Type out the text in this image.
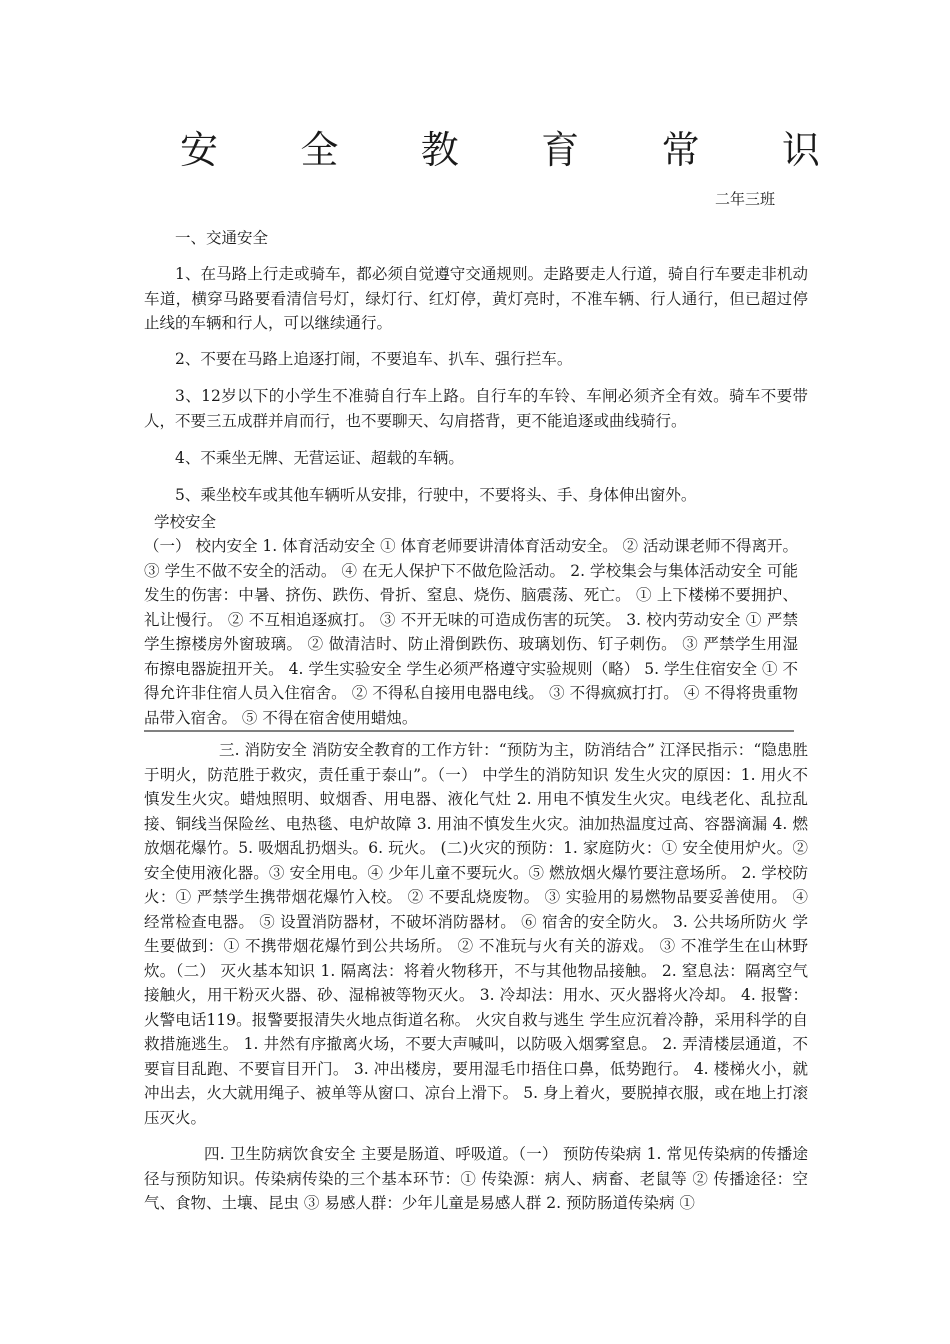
安 全 教 育 常 识
二年三班
一、交通安全
1、在马路上行走或骑车，都必须自觉遵守交通规则。走路要走人行道，骑自行车要走非机动车道，横穿马路要看清信号灯，绿灯行、红灯停，黄灯亮时，不准车辆、行人通行，但已超过停止线的车辆和行人，可以继续通行。
2、不要在马路上追逐打闹，不要追车、扒车、强行拦车。
3、12岁以下的小学生不准骑自行车上路。自行车的车铃、车闸必须齐全有效。骑车不要带人，不要三五成群并肩而行，也不要聊天、勾肩搭背，更不能追逐或曲线骑行。
4、不乘坐无牌、无营运证、超载的车辆。
5、乘坐校车或其他车辆听从安排，行驶中，不要将头、手、身体伸出窗外。
学校安全
（一） 校内安全 1. 体育活动安全 ① 体育老师要讲清体育活动安全。 ② 活动课老师不得离开。③ 学生不做不安全的活动。 ④ 在无人保护下不做危险活动。 2. 学校集会与集体活动安全 可能发生的伤害：中暑、挤伤、跌伤、骨折、窒息、烧伤、脑震荡、死亡。 ① 上下楼梯不要拥护、礼让慢行。 ② 不互相追逐疯打。 ③ 不开无味的可造成伤害的玩笑。 3. 校内劳动安全 ① 严禁学生擦楼房外窗玻璃。 ② 做清洁时、防止滑倒跌伤、玻璃划伤、钉子刺伤。 ③ 严禁学生用湿布擦电器旋扭开关。 4. 学生实验安全 学生必须严格遵守实验规则（略） 5. 学生住宿安全 ① 不得允许非住宿人员入住宿舍。 ② 不得私自接用电器电线。 ③ 不得疯疯打打。 ④ 不得将贵重物品带入宿舍。 ⑤ 不得在宿舍使用蜡烛。
三. 消防安全 消防安全教育的工作方针：“预防为主，防消结合” 江泽民指示：“隐患胜于明火，防范胜于救灾，责任重于泰山”。（一） 中学生的消防知识 发生火灾的原因：1. 用火不慎发生火灾。蜡烛照明、蚊烟香、用电器、液化气灶 2. 用电不慎发生火灾。电线老化、乱拉乱接、铜线当保险丝、电热毯、电炉故障 3. 用油不慎发生火灾。油加热温度过高、容器滴漏 4. 燃放烟花爆竹。5. 吸烟乱扔烟头。6. 玩火。 (二)火灾的预防：1. 家庭防火：① 安全使用炉火。② 安全使用液化器。③ 安全用电。④ 少年儿童不要玩火。⑤ 燃放烟火爆竹要注意场所。 2. 学校防火：① 严禁学生携带烟花爆竹入校。 ② 不要乱烧废物。 ③ 实验用的易燃物品要妥善使用。 ④ 经常检查电器。 ⑤ 设置消防器材，不破坏消防器材。 ⑥ 宿舍的安全防火。 3. 公共场所防火 学生要做到：① 不携带烟花爆竹到公共场所。 ② 不准玩与火有关的游戏。 ③ 不准学生在山林野炊。（二） 灭火基本知识 1. 隔离法：将着火物移开，不与其他物品接触。 2. 窒息法：隔离空气接触火，用干粉灭火器、砂、湿棉被等物灭火。 3. 冷却法：用水、灭火器将火冷却。 4. 报警：火警电话119。报警要报清失火地点街道名称。 火灾自救与逃生 学生应沉着冷静，采用科学的自救措施逃生。 1. 井然有序撤离火场，不要大声喊叫，以防吸入烟雾窒息。 2. 弄清楼层通道，不要盲目乱跑、不要盲目开门。 3. 冲出楼房，要用湿毛巾捂住口鼻，低势跑行。 4. 楼梯火小，就冲出去，火大就用绳子、被单等从窗口、凉台上滑下。 5. 身上着火，要脱掉衣服，或在地上打滚压灭火。
四. 卫生防病饮食安全 主要是肠道、呼吸道。（一） 预防传染病 1. 常见传染病的传播途径与预防知识。传染病传染的三个基本环节：① 传染源：病人、病畜、老鼠等 ② 传播途径：空气、食物、土壤、昆虫 ③ 易感人群：少年儿童是易感人群 2. 预防肠道传染病 ①
